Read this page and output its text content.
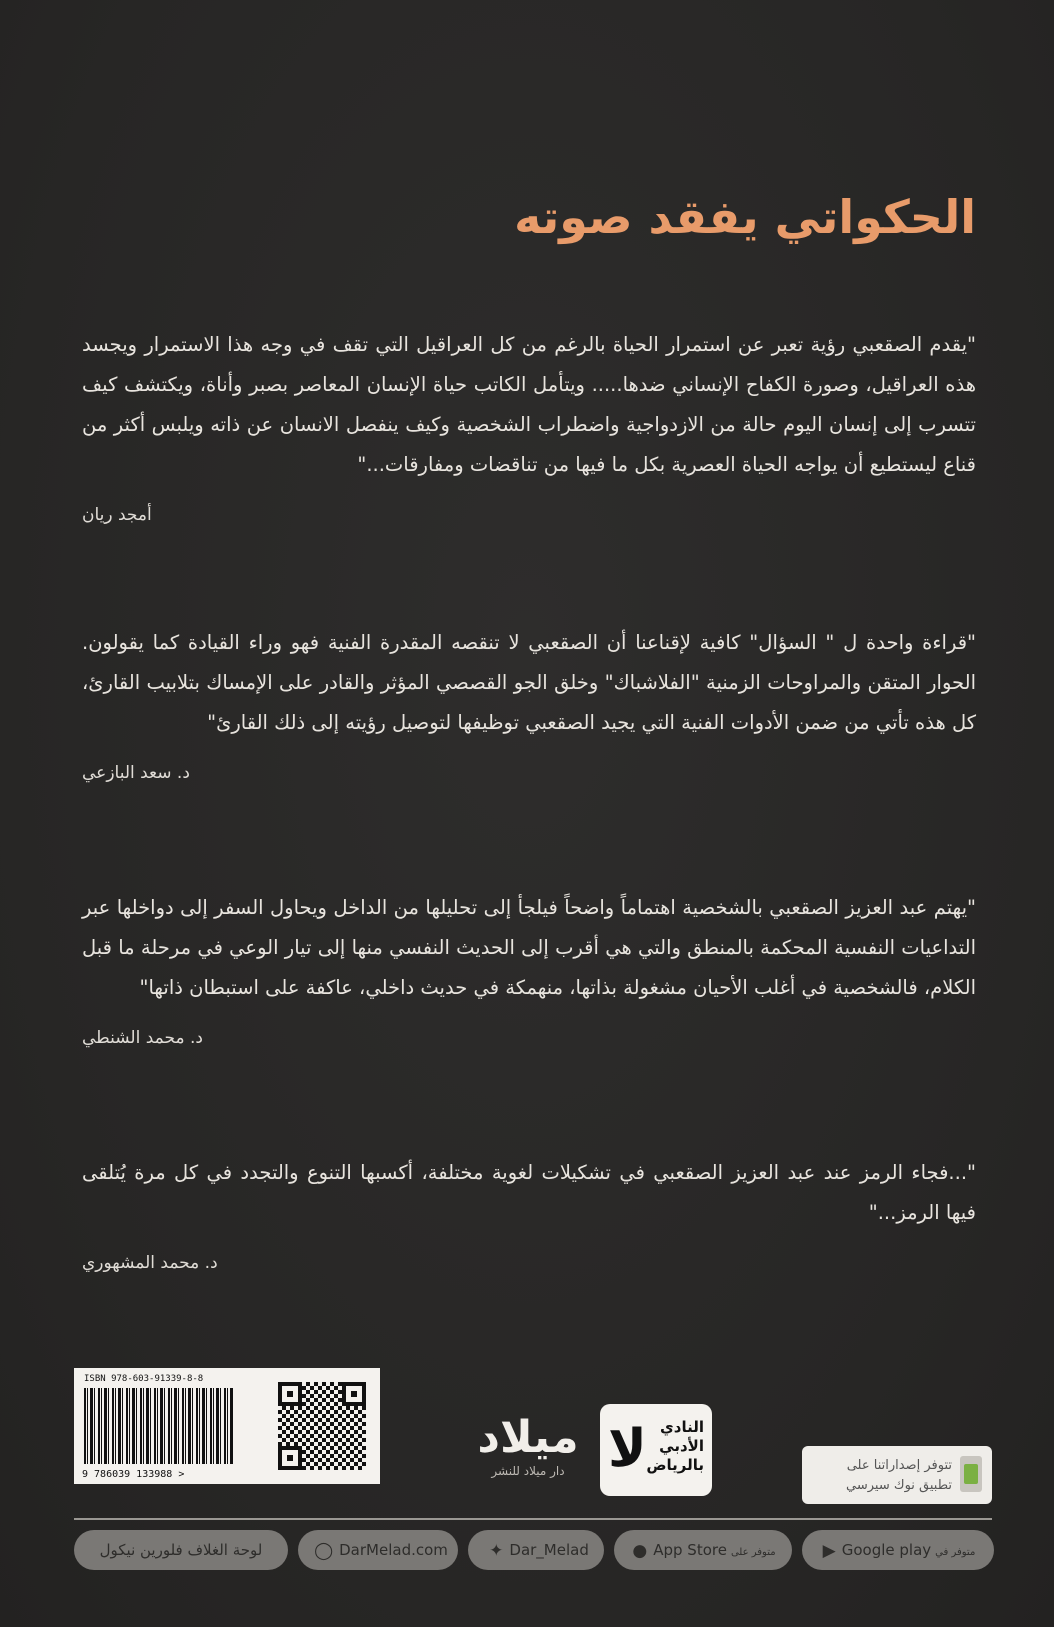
الحكواتي يفقد صوته

"يقدم الصقعبي رؤية تعبر عن استمرار الحياة بالرغم من كل العراقيل التي تقف في وجه هذا الاستمرار ويجسد هذه العراقيل، وصورة الكفاح الإنساني ضدها..... ويتأمل الكاتب حياة الإنسان المعاصر بصبر وأناة، ويكتشف كيف تتسرب إلى إنسان اليوم حالة من الازدواجية واضطراب الشخصية وكيف ينفصل الانسان عن ذاته ويلبس أكثر من قناع ليستطيع أن يواجه الحياة العصرية بكل ما فيها من تناقضات ومفارقات..."

أمجد ريان

"قراءة واحدة ل " السؤال" كافية لإقناعنا أن الصقعبي لا تنقصه المقدرة الفنية فهو وراء القيادة كما يقولون. الحوار المتقن والمراوحات الزمنية "الفلاشباك" وخلق الجو القصصي المؤثر والقادر على الإمساك بتلابيب القارئ، كل هذه تأتي من ضمن الأدوات الفنية التي يجيد الصقعبي توظيفها لتوصيل رؤيته إلى ذلك القارئ"

د. سعد البازعي

"يهتم عبد العزيز الصقعبي بالشخصية اهتماماً واضحاً فيلجأ إلى تحليلها من الداخل ويحاول السفر إلى دواخلها عبر التداعيات النفسية المحكمة بالمنطق والتي هي أقرب إلى الحديث النفسي منها إلى تيار الوعي في مرحلة ما قبل الكلام، فالشخصية في أغلب الأحيان مشغولة بذاتها، منهمكة في حديث داخلي، عاكفة على استبطان ذاتها"

د. محمد الشنطي

"...فجاء الرمز عند عبد العزيز الصقعبي في تشكيلات لغوية مختلفة، أكسبها التنوع والتجدد في كل مرة يُتلقى فيها الرمز..."

د. محمد المشهوري
ISBN 978-603-91339-8-8
9 786039 133988 >
ميلاد
دار ميلاد للنشر
النادي
الأدبي
بالرياض
ﻻ	تتوفر إصداراتنا على
تطبيق نوك سيرسي
لوحة الغلاف فلورين نيكول	◯ DarMelad.com	✦ Dar_Melad	● App Store متوفر على	▶ Google play متوفر في
